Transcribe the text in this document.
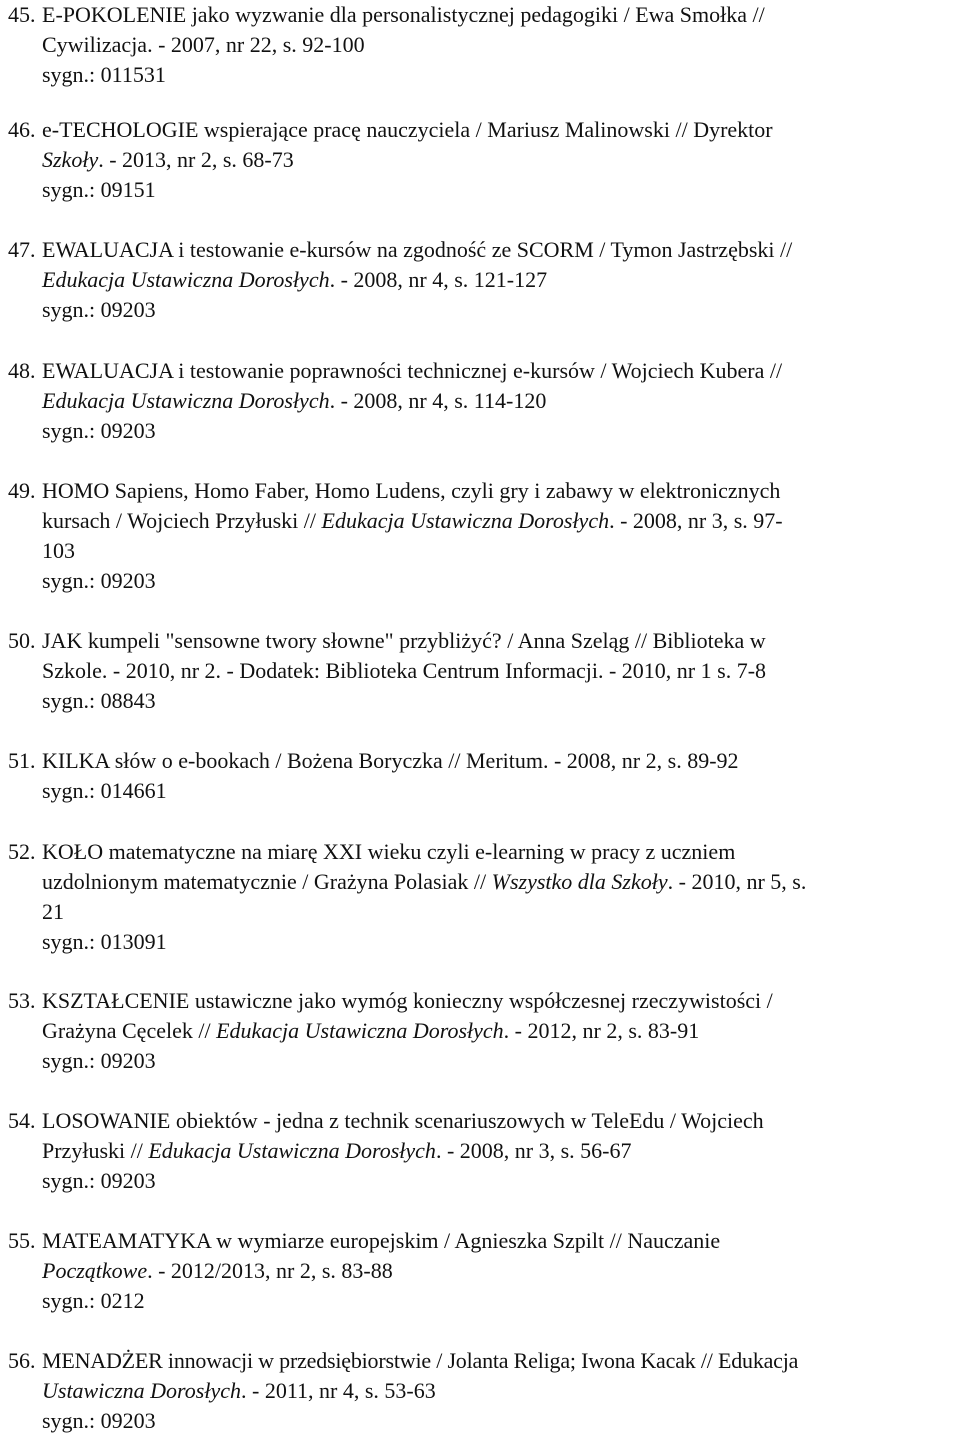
45. E-POKOLENIE jako wyzwanie dla personalistycznej pedagogiki / Ewa Smołka //

Cywilizacja. - 2007, nr 22, s. 92-100

sygn.: 011531

46. e-TECHOLOGIE wspierające pracę nauczyciela / Mariusz Malinowski // Dyrektor

Szkoły. - 2013, nr 2, s. 68-73

sygn.: 09151

47. EWALUACJA i testowanie e-kursów na zgodność ze SCORM / Tymon Jastrzębski //

Edukacja Ustawiczna Dorosłych. - 2008, nr 4, s. 121-127

sygn.: 09203

48. EWALUACJA i testowanie poprawności technicznej e-kursów / Wojciech Kubera //

Edukacja Ustawiczna Dorosłych. - 2008, nr 4, s. 114-120

sygn.: 09203

49. HOMO Sapiens, Homo Faber, Homo Ludens, czyli gry i zabawy w elektronicznych

kursach / Wojciech Przyłuski // Edukacja Ustawiczna Dorosłych. - 2008, nr 3, s. 97-

103

sygn.: 09203

50. JAK kumpeli "sensowne twory słowne" przybliżyć? / Anna Szeląg // Biblioteka w

Szkole. - 2010, nr 2. - Dodatek: Biblioteka Centrum Informacji. - 2010, nr 1 s. 7-8

sygn.: 08843

51. KILKA słów o e-bookach / Bożena Boryczka // Meritum. - 2008, nr 2, s. 89-92

sygn.: 014661

52. KOŁO matematyczne na miarę XXI wieku czyli e-learning w pracy z uczniem

uzdolnionym matematycznie / Grażyna Polasiak // Wszystko dla Szkoły. - 2010, nr 5, s.

21

sygn.: 013091

53. KSZTAŁCENIE ustawiczne jako wymóg konieczny współczesnej rzeczywistości /

Grażyna Cęcelek // Edukacja Ustawiczna Dorosłych. - 2012, nr 2, s. 83-91

sygn.: 09203

54. LOSOWANIE obiektów - jedna z technik scenariuszowych w TeleEdu / Wojciech

Przyłuski // Edukacja Ustawiczna Dorosłych. - 2008, nr 3, s. 56-67

sygn.: 09203

55. MATEAMATYKA w wymiarze europejskim / Agnieszka Szpilt // Nauczanie

Początkowe. - 2012/2013, nr 2, s. 83-88

sygn.: 0212

56. MENADŻER innowacji w przedsiębiorstwie / Jolanta Religa; Iwona Kacak // Edukacja

Ustawiczna Dorosłych. - 2011, nr 4, s. 53-63

sygn.: 09203
